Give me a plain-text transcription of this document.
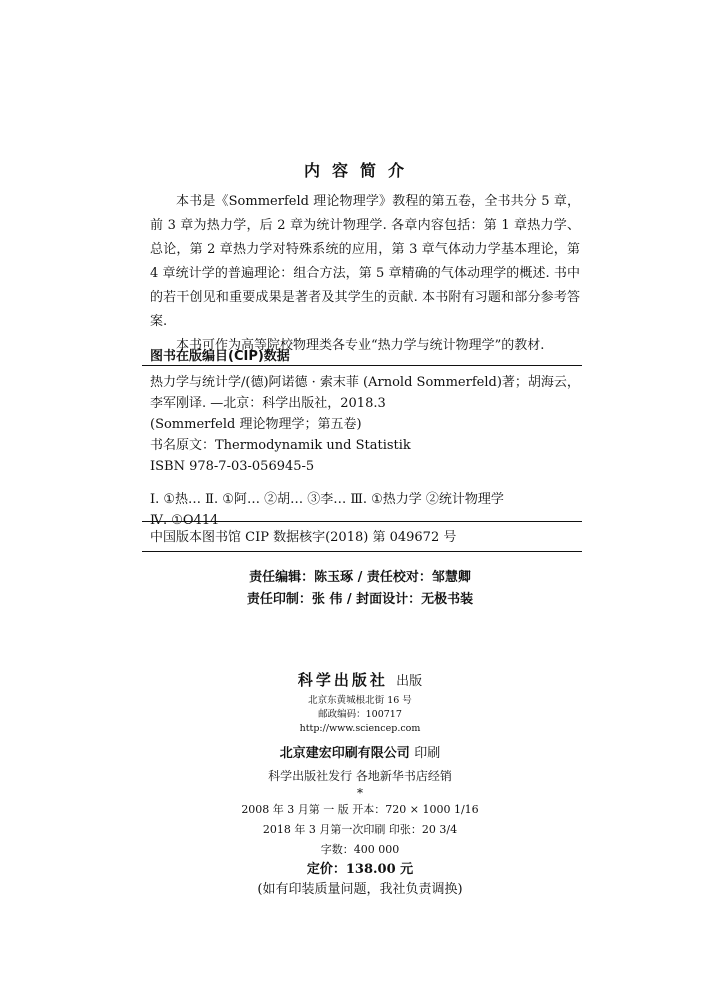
内容简介

本书是《Sommerfeld 理论物理学》教程的第五卷，全书共分 5 章，前 3 章为热力学，后 2 章为统计物理学. 各章内容包括：第 1 章热力学、总论，第 2 章热力学对特殊系统的应用，第 3 章气体动力学基本理论，第 4 章统计学的普遍理论：组合方法，第 5 章精确的气体动理学的概述. 书中的若干创见和重要成果是著者及其学生的贡献. 本书附有习题和部分参考答案.

本书可作为高等院校物理类各专业“热力学与统计物理学”的教材.

图书在版编目(CIP)数据

热力学与统计学/(德)阿诺德 · 索末菲 (Arnold Sommerfeld)著；胡海云，李军刚译. —北京：科学出版社，2018.3

(Sommerfeld 理论物理学；第五卷)

书名原文：Thermodynamik und Statistik

ISBN 978-7-03-056945-5

Ⅰ. ①热… Ⅱ. ①阿… ②胡… ③李… Ⅲ. ①热力学 ②统计物理学

Ⅳ. ①O414

中国版本图书馆 CIP 数据核字(2018) 第 049672 号

责任编辑：陈玉琢 / 责任校对：邹慧卿

责任印制：张 伟 / 封面设计：无极书装

科学出版社 出版

北京东黄城根北街 16 号

邮政编码：100717

http://www.sciencep.com

北京建宏印刷有限公司 印刷

科学出版社发行 各地新华书店经销

*

2008 年 3 月第 一 版 开本：720 × 1000 1/16

2018 年 3 月第一次印刷 印张：20 3/4

字数：400 000

定价：138.00 元

(如有印装质量问题，我社负责调换)
